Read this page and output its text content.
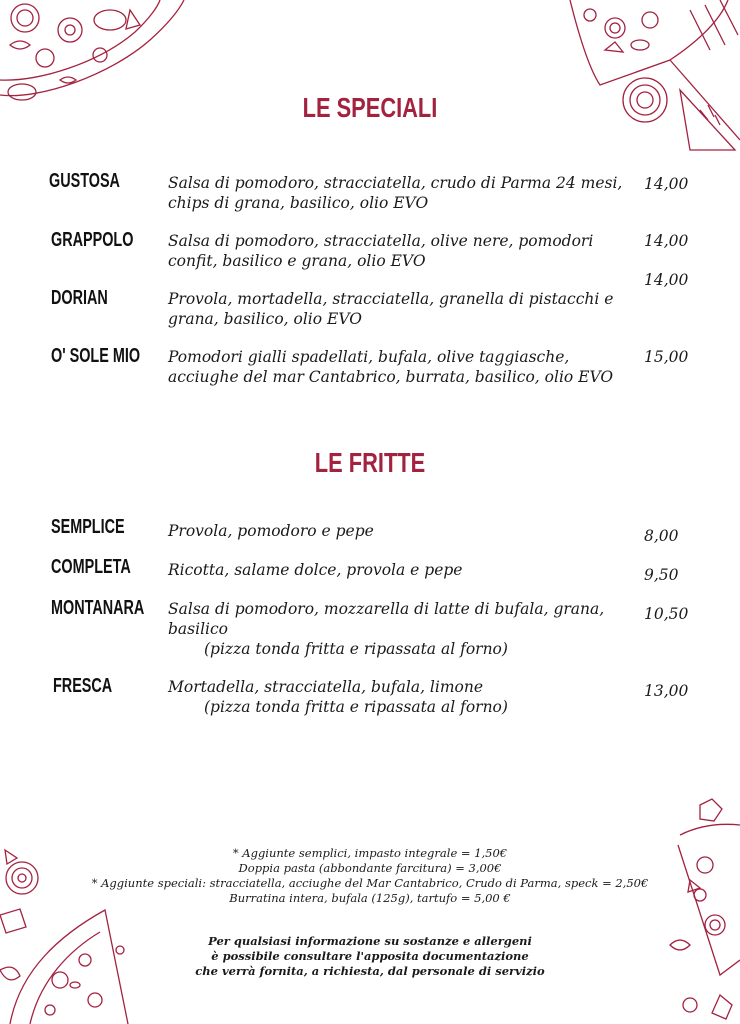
LE SPECIALI
GUSTOSA	Salsa di pomodoro, stracciatella, crudo di Parma 24 mesi, chips di grana, basilico, olio EVO
14,00
GRAPPOLO Salsa di pomodoro, stracciatella, olive nere, pomodori confit, basilico e grana, olio EVO
14,00
DORIAN	Provola, mortadella, stracciatella, granella di pistacchi e grana, basilico, olio EVO
14,00
O' SOLE MIO Pomodori gialli spadellati, bufala, olive taggiasche, acciughe del mar Cantabrico, burrata, basilico, olio EVO
15,00
LE FRITTE
SEMPLICE	Provola, pomodoro e pepe	8,00
COMPLETA Ricotta, salame dolce, provola e pepe	9,50
MONTANARA Salsa di pomodoro, mozzarella di latte di bufala, grana, basilico
(pizza tonda fritta e ripassata al forno)
10,50
FRESCA	Mortadella, stracciatella, bufala, limone
(pizza tonda fritta e ripassata al forno)
13,00
* Aggiunte semplici, impasto integrale = 1,50€
Doppia pasta (abbondante farcitura) = 3,00€
* Aggiunte speciali: stracciatella, acciughe del Mar Cantabrico, Crudo di Parma, speck = 2,50€
Burratina intera, bufala (125g), tartufo = 5,00 €
Per qualsiasi informazione su sostanze e allergeni
è possibile consultare l'apposita documentazione
che verrà fornita, a richiesta, dal personale di servizio
